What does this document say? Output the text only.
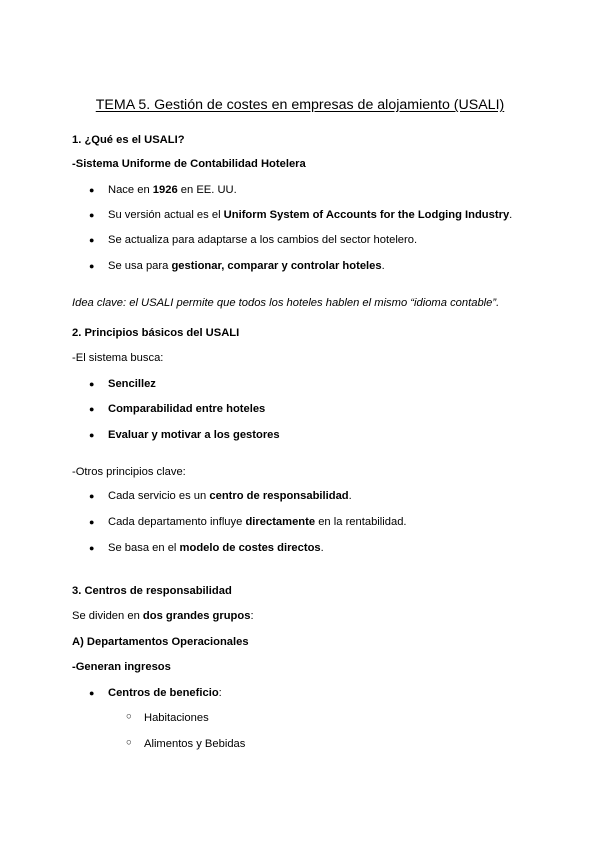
TEMA 5. Gestión de costes en empresas de alojamiento (USALI)
1. ¿Qué es el USALI?
-Sistema Uniforme de Contabilidad Hotelera
● Nace en 1926 en EE. UU.
● Su versión actual es el Uniform System of Accounts for the Lodging Industry.
● Se actualiza para adaptarse a los cambios del sector hotelero.
● Se usa para gestionar, comparar y controlar hoteles.
Idea clave: el USALI permite que todos los hoteles hablen el mismo “idioma contable”.
2. Principios básicos del USALI
-El sistema busca:
● Sencillez
● Comparabilidad entre hoteles
● Evaluar y motivar a los gestores
-Otros principios clave:
● Cada servicio es un centro de responsabilidad.
● Cada departamento influye directamente en la rentabilidad.
● Se basa en el modelo de costes directos.
3. Centros de responsabilidad
Se dividen en dos grandes grupos:
A) Departamentos Operacionales
-Generan ingresos
● Centros de beneficio:
○ Habitaciones
○ Alimentos y Bebidas
